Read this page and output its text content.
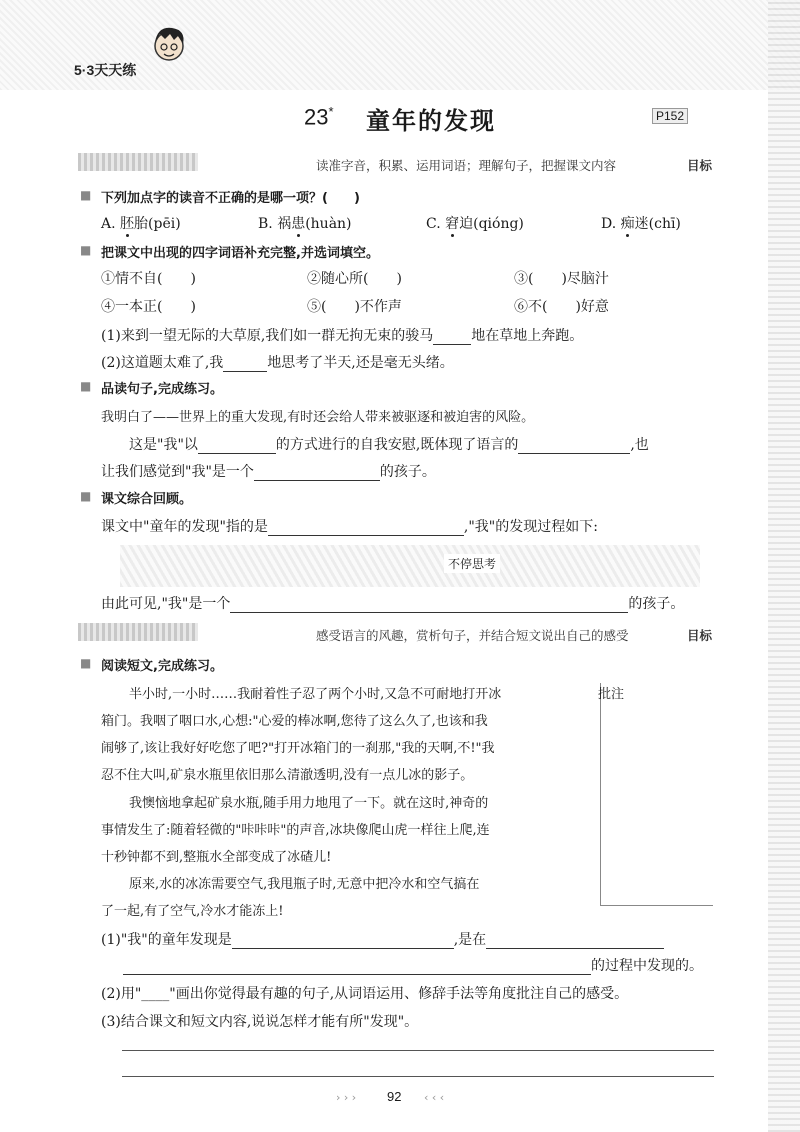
5·3天天练
23* 童年的发现	P152
读准字音，积累、运用词语；理解句子，把握课文内容	目标
■ 下列加点字的读音不正确的是哪一项？(　　)
A. 胚胎(pēi)	B. 祸患(huàn)	C. 窘迫(qióng)	D. 痴迷(chī)
■ 把课文中出现的四字词语补充完整,并选词填空。
①情不自(　　)	②随心所(　　)	③(　　)尽脑汁
④一本正(　　)	⑤(　　)不作声	⑥不(　　)好意
(1)来到一望无际的大草原,我们如一群无拘无束的骏马	地在草地上奔跑。
(2)这道题太难了,我	地思考了半天,还是毫无头绪。
■ 品读句子,完成练习。
我明白了——世界上的重大发现,有时还会给人带来被驱逐和被迫害的风险。
这是"我"以	的方式进行的自我安慰,既体现了语言的	,也
让我们感觉到"我"是一个	的孩子。
■ 课文综合回顾。
课文中"童年的发现"指的是	,"我"的发现过程如下:
不停思考
由此可见,"我"是一个	的孩子。
感受语言的风趣，赏析句子，并结合短文说出自己的感受	目标
■ 阅读短文,完成练习。
批注
半小时,一小时……我耐着性子忍了两个小时,又急不可耐地打开冰
箱门。我咽了咽口水,心想:"心爱的棒冰啊,您待了这么久了,也该和我
闹够了,该让我好好吃您了吧?"打开冰箱门的一刹那,"我的天啊,不!"我
忍不住大叫,矿泉水瓶里依旧那么清澈透明,没有一点儿冰的影子。
我懊恼地拿起矿泉水瓶,随手用力地甩了一下。就在这时,神奇的
事情发生了:随着轻微的"咔咔咔"的声音,冰块像爬山虎一样往上爬,连
十秒钟都不到,整瓶水全部变成了冰碴儿!
原来,水的冰冻需要空气,我甩瓶子时,无意中把冷水和空气搞在
了一起,有了空气,冷水才能冻上!
(1)"我"的童年发现是	,是在
的过程中发现的。
(2)用"____"画出你觉得最有趣的句子,从词语运用、修辞手法等角度批注自己的感受。
(3)结合课文和短文内容,说说怎样才能有所"发现"。
› › › 92 ‹ ‹ ‹
